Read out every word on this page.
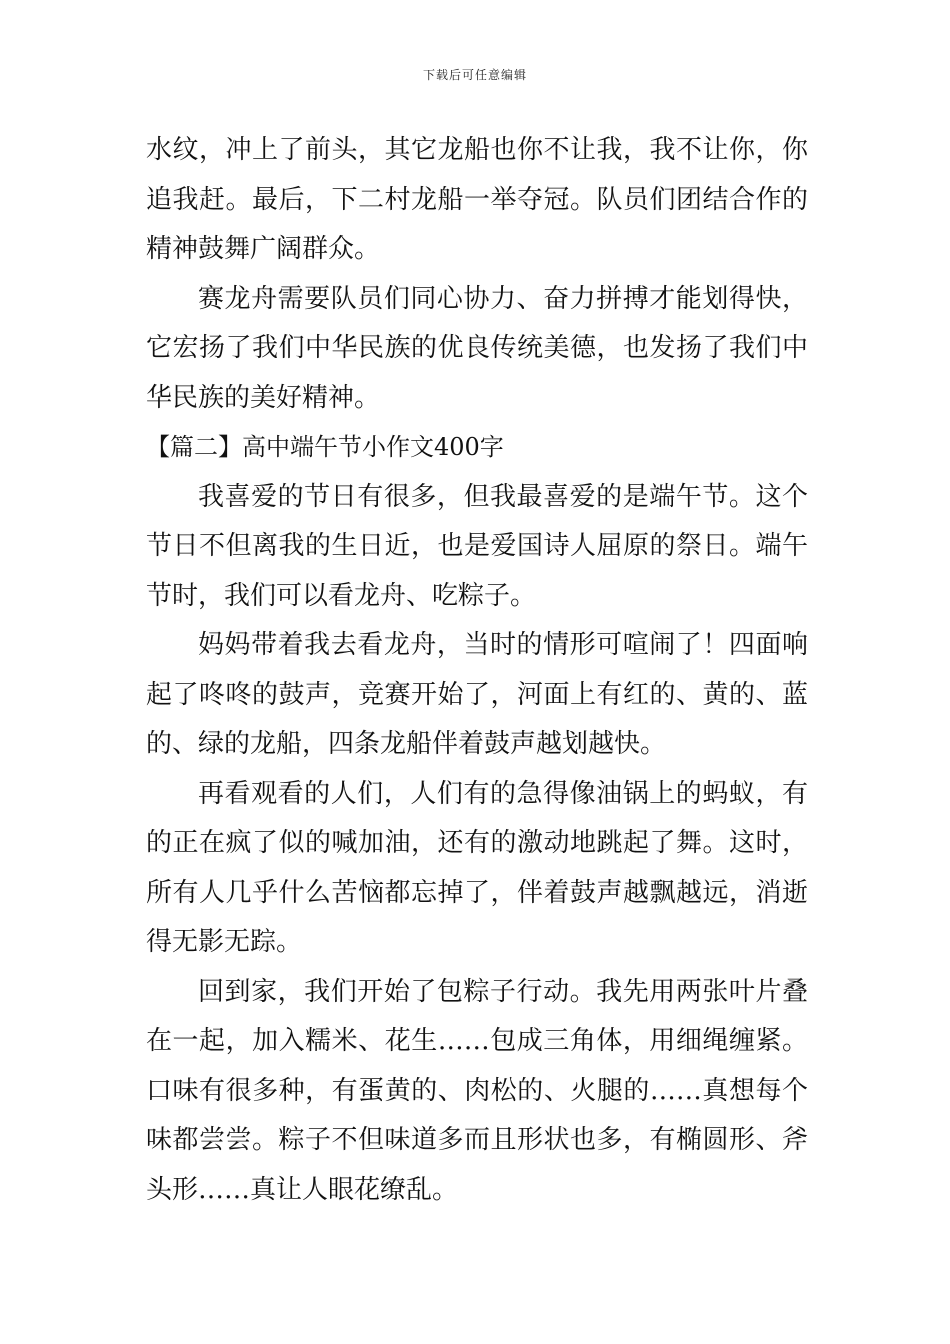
下载后可任意编辑

水纹，冲上了前头，其它龙船也你不让我，我不让你，你追我赶。最后，下二村龙船一举夺冠。队员们团结合作的精神鼓舞广阔群众。

赛龙舟需要队员们同心协力、奋力拼搏才能划得快，它宏扬了我们中华民族的优良传统美德，也发扬了我们中华民族的美好精神。

【篇二】高中端午节小作文400字

我喜爱的节日有很多，但我最喜爱的是端午节。这个节日不但离我的生日近，也是爱国诗人屈原的祭日。端午节时，我们可以看龙舟、吃粽子。

妈妈带着我去看龙舟，当时的情形可喧闹了！四面响起了咚咚的鼓声，竞赛开始了，河面上有红的、黄的、蓝的、绿的龙船，四条龙船伴着鼓声越划越快。

再看观看的人们，人们有的急得像油锅上的蚂蚁，有的正在疯了似的喊加油，还有的激动地跳起了舞。这时，所有人几乎什么苦恼都忘掉了，伴着鼓声越飘越远，消逝得无影无踪。

回到家，我们开始了包粽子行动。我先用两张叶片叠在一起，加入糯米、花生……包成三角体，用细绳缠紧。口味有很多种，有蛋黄的、肉松的、火腿的……真想每个味都尝尝。粽子不但味道多而且形状也多，有椭圆形、斧头形……真让人眼花缭乱。
